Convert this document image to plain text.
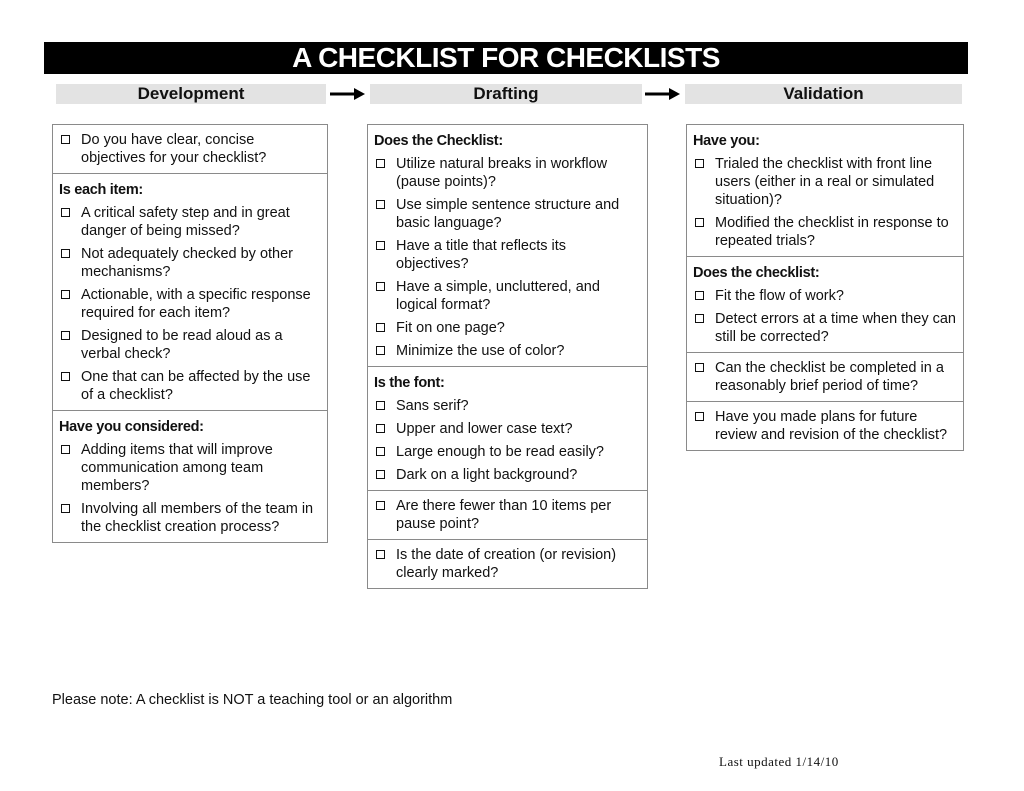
A CHECKLIST FOR CHECKLISTS
Development	Drafting	Validation
Do you have clear, concise objectives for your checklist?
Is each item:
A critical safety step and in great danger of being missed?
Not adequately checked by other mechanisms?
Actionable, with a specific response required for each item?
Designed to be read aloud as a verbal check?
One that can be affected by the use of a checklist?
Have you considered:
Adding items that will improve communication among team members?
Involving all members of the team in the checklist creation process?
Does the Checklist:
Utilize natural breaks in workflow (pause points)?
Use simple sentence structure and basic language?
Have a title that reflects its objectives?
Have a simple, uncluttered, and logical format?
Fit on one page?
Minimize the use of color?
Is the font:
Sans serif?
Upper and lower case text?
Large enough to be read easily?
Dark on a light background?
Are there fewer than 10 items per pause point?
Is the date of creation (or revision) clearly marked?
Have you:
Trialed the checklist with front line users (either in a real or simulated situation)?
Modified the checklist in response to repeated trials?
Does the checklist:
Fit the flow of work?
Detect errors at a time when they can still be corrected?
Can the checklist be completed in a reasonably brief period of time?
Have you made plans for future review and revision of the checklist?
Please note: A checklist is NOT a teaching tool or an algorithm
Last updated 1/14/10
